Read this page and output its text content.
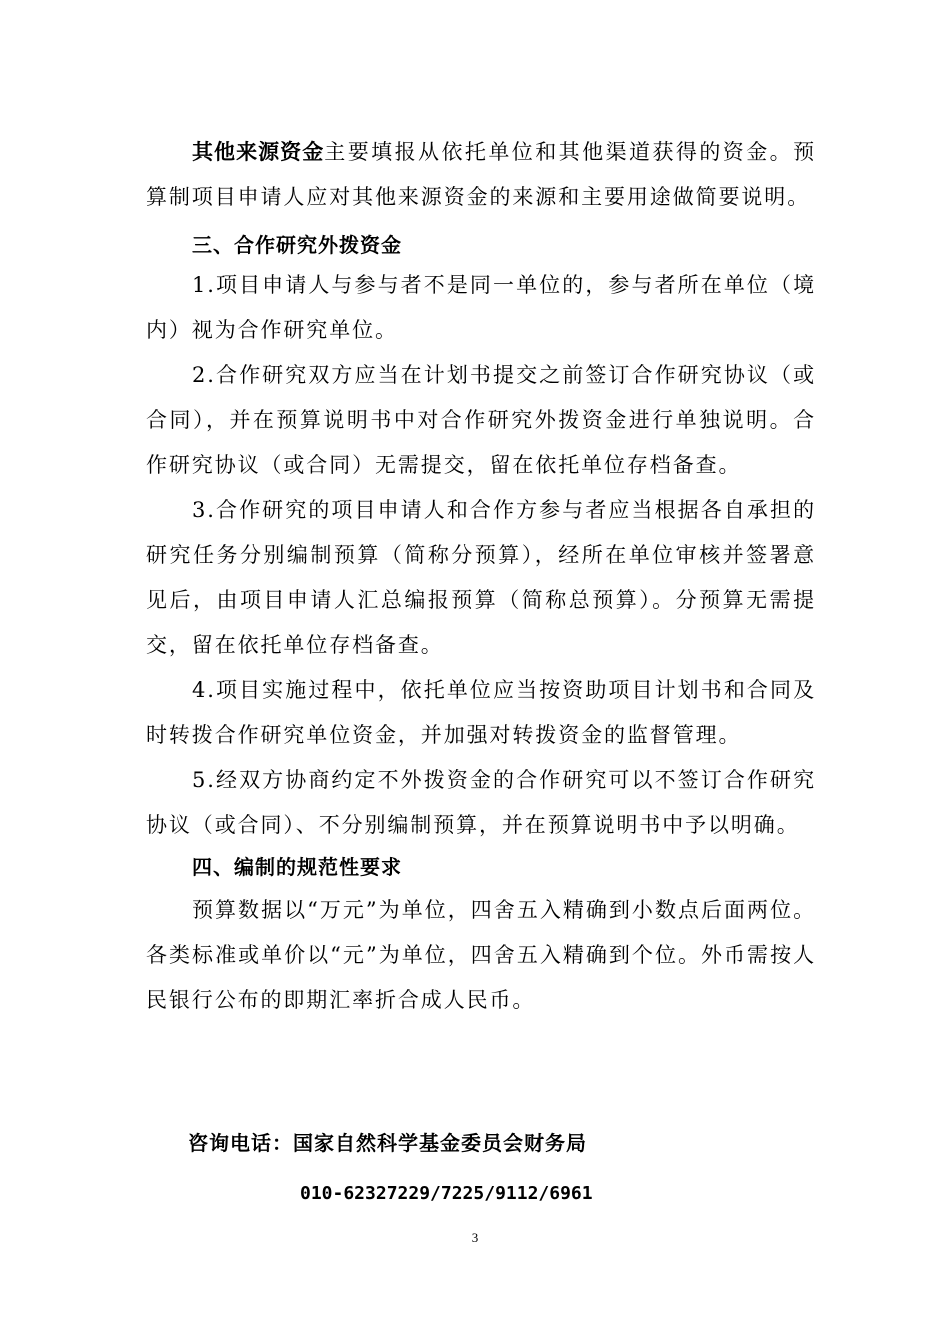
其他来源资金主要填报从依托单位和其他渠道获得的资金。预算制项目申请人应对其他来源资金的来源和主要用途做简要说明。

三、合作研究外拨资金

1.项目申请人与参与者不是同一单位的，参与者所在单位（境内）视为合作研究单位。

2.合作研究双方应当在计划书提交之前签订合作研究协议（或合同），并在预算说明书中对合作研究外拨资金进行单独说明。合作研究协议（或合同）无需提交，留在依托单位存档备查。

3.合作研究的项目申请人和合作方参与者应当根据各自承担的研究任务分别编制预算（简称分预算），经所在单位审核并签署意见后，由项目申请人汇总编报预算（简称总预算）。分预算无需提交，留在依托单位存档备查。

4.项目实施过程中，依托单位应当按资助项目计划书和合同及时转拨合作研究单位资金，并加强对转拨资金的监督管理。

5.经双方协商约定不外拨资金的合作研究可以不签订合作研究协议（或合同）、不分别编制预算，并在预算说明书中予以明确。

四、编制的规范性要求

预算数据以“万元”为单位，四舍五入精确到小数点后面两位。各类标准或单价以“元”为单位，四舍五入精确到个位。外币需按人民银行公布的即期汇率折合成人民币。

咨询电话：国家自然科学基金委员会财务局

010-62327229/7225/9112/6961

3
